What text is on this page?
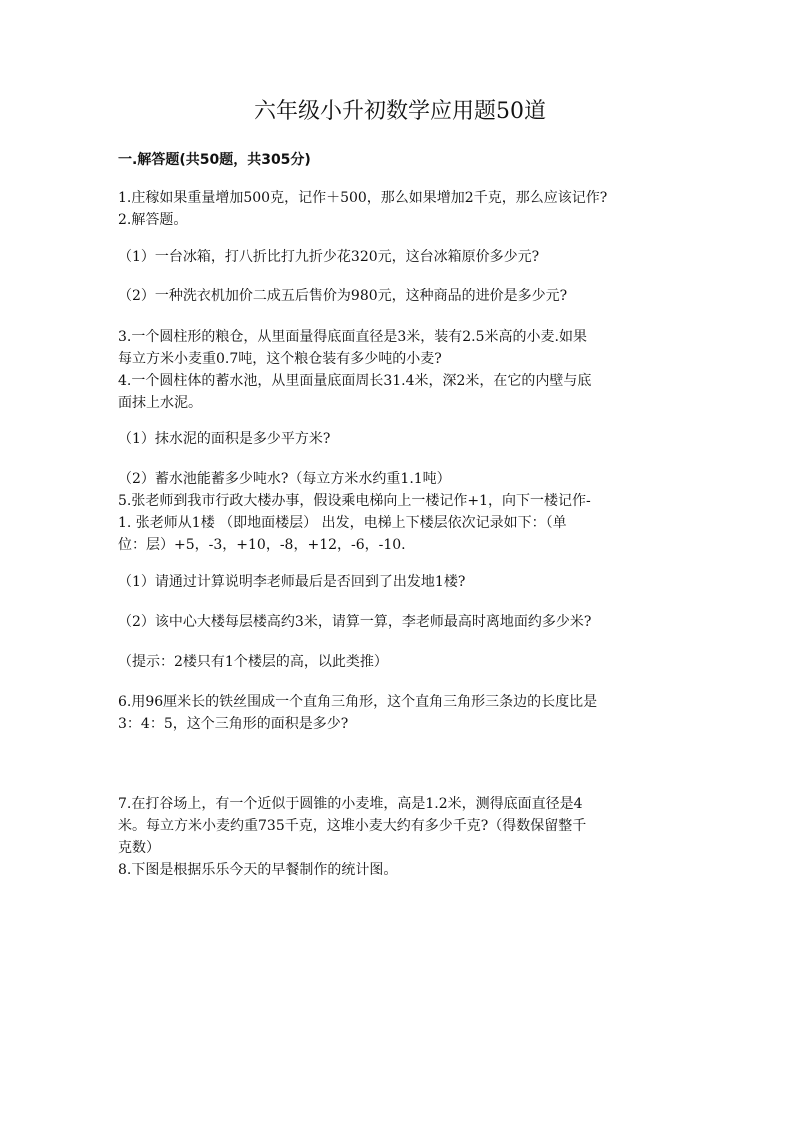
六年级小升初数学应用题50道
一.解答题(共50题，共305分)
1.庄稼如果重量增加500克，记作＋500，那么如果增加2千克，那么应该记作?
2.解答题。
（1）一台冰箱，打八折比打九折少花320元，这台冰箱原价多少元?
（2）一种洗衣机加价二成五后售价为980元，这种商品的进价是多少元?
3.一个圆柱形的粮仓，从里面量得底面直径是3米，装有2.5米高的小麦.如果
每立方米小麦重0.7吨，这个粮仓装有多少吨的小麦?
4.一个圆柱体的蓄水池，从里面量底面周长31.4米，深2米，在它的内壁与底
面抹上水泥。
（1）抹水泥的面积是多少平方米?
（2）蓄水池能蓄多少吨水?（每立方米水约重1.1吨）
5.张老师到我市行政大楼办事，假设乘电梯向上一楼记作+1，向下一楼记作-
1. 张老师从1楼 （即地面楼层） 出发，电梯上下楼层依次记录如下：（单
位：层）+5，-3，+10，-8，+12，-6，-10.
（1）请通过计算说明李老师最后是否回到了出发地1楼?
（2）该中心大楼每层楼高约3米，请算一算，李老师最高时离地面约多少米?
（提示：2楼只有1个楼层的高，以此类推）
6.用96厘米长的铁丝围成一个直角三角形，这个直角三角形三条边的长度比是
3：4：5，这个三角形的面积是多少?
7.在打谷场上，有一个近似于圆锥的小麦堆，高是1.2米，测得底面直径是4
米。每立方米小麦约重735千克，这堆小麦大约有多少千克?（得数保留整千
克数）
8.下图是根据乐乐今天的早餐制作的统计图。
